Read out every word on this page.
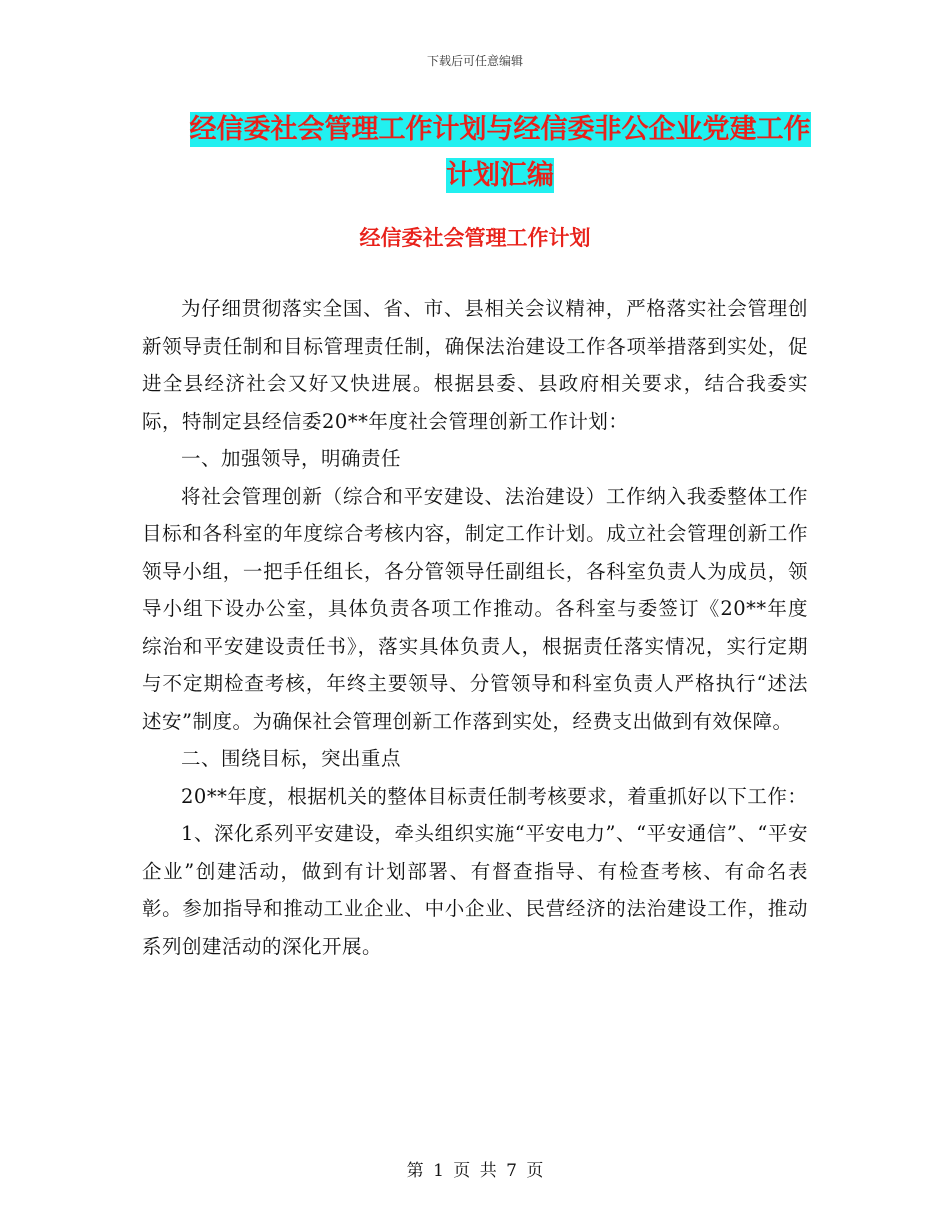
下载后可任意编辑
经信委社会管理工作计划与经信委非公企业党建工作
计划汇编
经信委社会管理工作计划

为仔细贯彻落实全国、省、市、县相关会议精神，严格落实社会管理创新领导责任制和目标管理责任制，确保法治建设工作各项举措落到实处，促进全县经济社会又好又快进展。根据县委、县政府相关要求，结合我委实际，特制定县经信委20**年度社会管理创新工作计划：

一、加强领导，明确责任

将社会管理创新（综合和平安建设、法治建设）工作纳入我委整体工作目标和各科室的年度综合考核内容，制定工作计划。成立社会管理创新工作领导小组，一把手任组长，各分管领导任副组长，各科室负责人为成员，领导小组下设办公室，具体负责各项工作推动。各科室与委签订《20**年度综治和平安建设责任书》，落实具体负责人，根据责任落实情况，实行定期与不定期检查考核，年终主要领导、分管领导和科室负责人严格执行“述法述安”制度。为确保社会管理创新工作落到实处，经费支出做到有效保障。

二、围绕目标，突出重点

20**年度，根据机关的整体目标责任制考核要求，着重抓好以下工作：

1、深化系列平安建设，牵头组织实施“平安电力”、“平安通信”、“平安企业”创建活动，做到有计划部署、有督查指导、有检查考核、有命名表彰。参加指导和推动工业企业、中小企业、民营经济的法治建设工作，推动系列创建活动的深化开展。

第 1 页 共 7 页
